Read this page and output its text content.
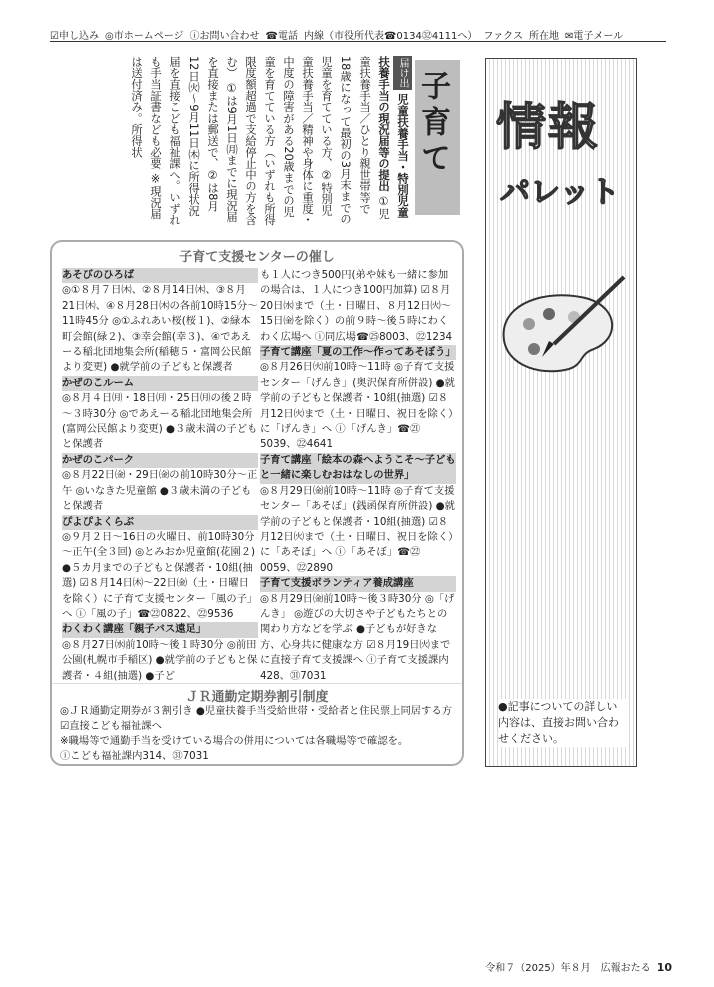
☑申し込み ◎市ホームページ ⓘお問い合わせ ☎電話 内線（市役所代表☎0134㉜4111へ） ファクス 所在地 ✉電子メール
子育て
届け出 児童扶養手当・特別児童扶養手当の現況届等の提出 ①児童扶養手当／ひとり親世帯等で18歳になって最初の3月末までの児童を育てている方、②特別児童扶養手当／精神や身体に重度・中度の障害がある20歳までの児童を育てている方（いずれも所得限度額超過で支給停止中の方を含む） ①は9月1日㈪までに現況届を直接または郵送で、②は8月12日㈫～9月11日㈭に所得状況届を直接こども福祉課へ。いずれも手当証書なども必要 ※現況届は送付済み。所得状	情報
パレット
●記事についての詳しい内容は、直接お問い合わせください。
子育て支援センターの催し
あそびのひろば
◎①８月７日㈭、②８月14日㈭、③８月21日㈭、④８月28日㈭の各前10時15分～11時45分 ◎①ふれあい桜(桜１)、②緑本町会館(緑２)、③幸会館(幸３)、④であえーる稲北団地集会所(稲穂５・富岡公民館より変更) ●就学前の子どもと保護者
かぜのこルーム
◎８月４日㈪・18日㈪・25日㈪の後２時～３時30分 ◎であえーる稲北団地集会所(富岡公民館より変更) ●３歳未満の子どもと保護者
かぜのこパーク
◎８月22日㈮・29日㈮の前10時30分～正午 ◎いなきた児童館 ●３歳未満の子どもと保護者
ぴよぴよくらぶ
◎９月２日～16日の火曜日、前10時30分～正午(全３回) ◎とみおか児童館(花園２) ●５カ月までの子どもと保護者・10組(抽選) ☑８月14日㈭～22日㈮（土・日曜日を除く）に子育て支援センター「風の子」へ ⓘ「風の子」☎㉒0822、㉒9536
わくわく講座「親子バス遠足」
◎８月27日㈬前10時～後１時30分 ◎前田公園(札幌市手稲区) ●就学前の子どもと保護者・４組(抽選) ●子ど
も１人につき500円(弟や妹も一緒に参加の場合は、１人につき100円加算) ☑８月20日㈬まで（土・日曜日、８月12日㈫～15日㈮を除く）の前９時～後５時にわくわく広場へ ⓘ同広場☎㉕8003、㉒1234
子育て講座「夏の工作～作ってあそぼう」
◎８月26日㈫前10時～11時 ◎子育て支援センター「げんき」(奥沢保育所併設) ●就学前の子どもと保護者・10組(抽選) ☑８月12日㈫まで（土・日曜日、祝日を除く）に「げんき」へ ⓘ「げんき」☎㉑5039、㉒4641
子育て講座「絵本の森へようこそ～子どもと一緒に楽しむおはなしの世界」
◎８月29日㈮前10時～11時 ◎子育て支援センター「あそぼ」(銭函保育所併設) ●就学前の子どもと保護者・10組(抽選) ☑８月12日㈫まで（土・日曜日、祝日を除く）に「あそぼ」へ ⓘ「あそぼ」☎㉒0059、㉒2890
子育て支援ボランティア養成講座
◎８月29日㈮前10時～後３時30分 ◎「げんき」 ◎遊びの大切さや子どもたちとの関わり方などを学ぶ ●子どもが好きな方、心身共に健康な方 ☑８月19日㈫までに直接子育て支援課へ ⓘ子育て支援課内428、㉛7031
ＪＲ通勤定期券割引制度
◎ＪＲ通勤定期券が３割引き ●児童扶養手当受給世帯・受給者と住民票上同居する方 ☑直接こども福祉課へ
※職場等で通勤手当を受けている場合の併用については各職場等で確認を。
ⓘこども福祉課内314、㉛7031
令和７（2025）年８月　広報おたる 10
